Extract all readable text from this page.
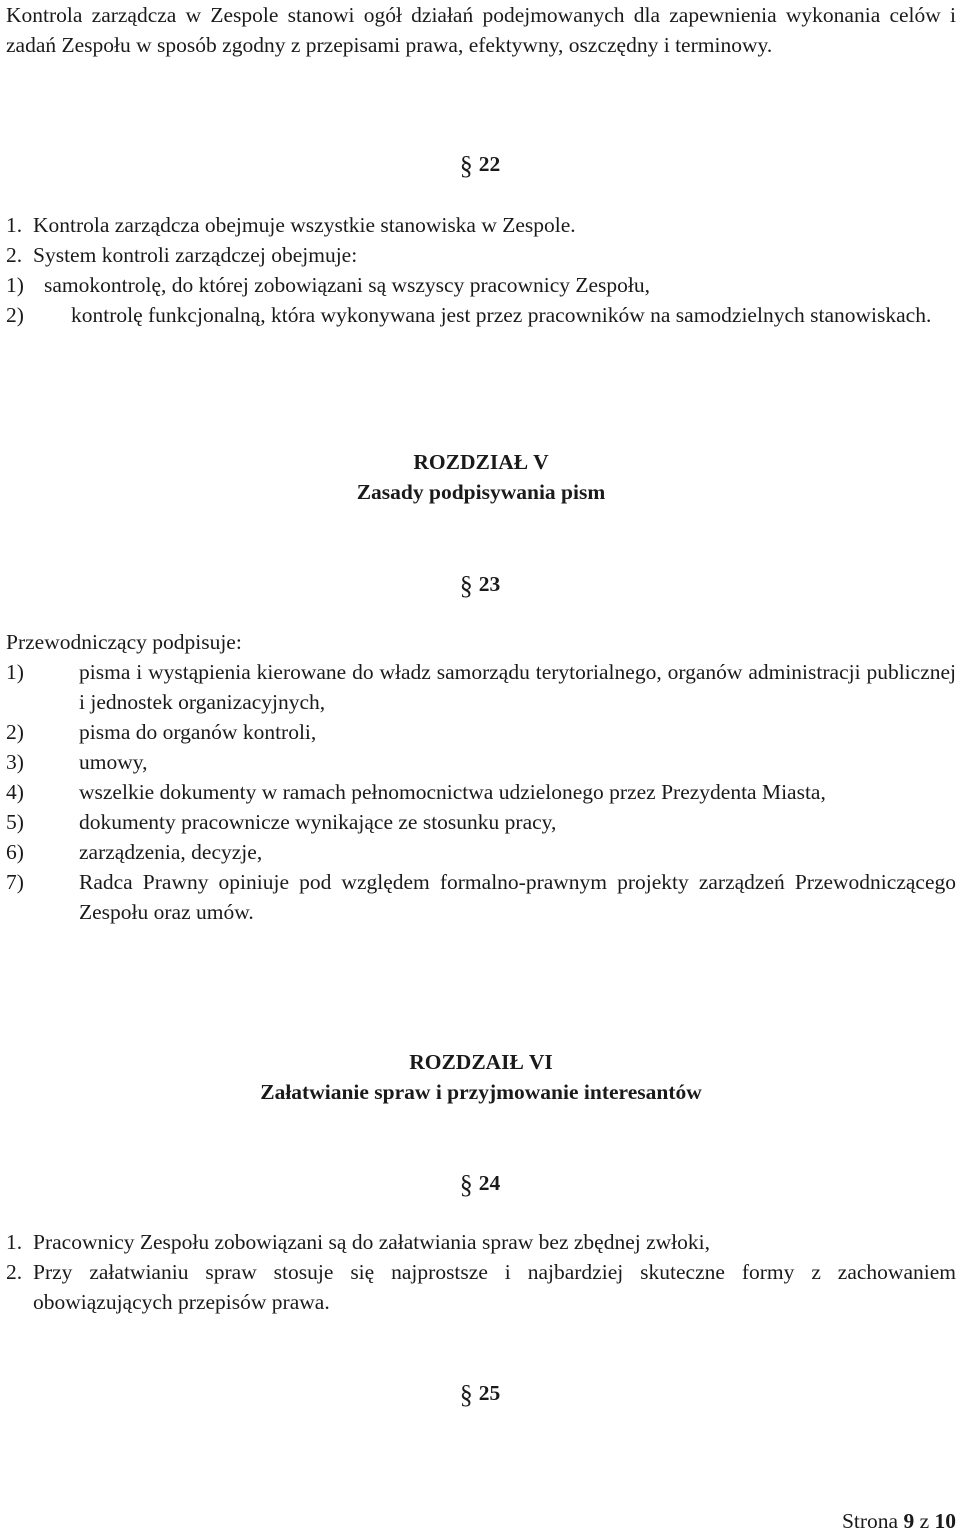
Kontrola zarządcza w Zespole stanowi ogół działań podejmowanych dla zapewnienia wykonania celów i zadań Zespołu w sposób zgodny z przepisami prawa, efektywny, oszczędny i terminowy.
§ 22
1. Kontrola zarządcza obejmuje wszystkie stanowiska w Zespole.
2. System kontroli zarządczej obejmuje:
1) samokontrolę, do której zobowiązani są wszyscy pracownicy Zespołu,
2)	kontrolę funkcjonalną, która wykonywana jest przez pracowników na samodzielnych stanowiskach.
ROZDZIAŁ V
Zasady podpisywania pism
§ 23
Przewodniczący podpisuje:
1)	pisma i wystąpienia kierowane do władz samorządu terytorialnego, organów administracji publicznej i jednostek organizacyjnych,
2)	pisma do organów kontroli,
3)	umowy,
4)	wszelkie dokumenty w ramach pełnomocnictwa udzielonego przez Prezydenta Miasta,
5)	dokumenty pracownicze wynikające ze stosunku pracy,
6)	zarządzenia, decyzje,
7)	Radca Prawny opiniuje pod względem formalno-prawnym projekty zarządzeń Przewodniczącego Zespołu oraz umów.
ROZDZAIŁ VI
Załatwianie spraw i przyjmowanie interesantów
§ 24
1. Pracownicy Zespołu zobowiązani są do załatwiania spraw bez zbędnej zwłoki,
2. Przy załatwianiu spraw stosuje się najprostsze i najbardziej skuteczne formy z zachowaniem obowiązujących przepisów prawa.
§ 25
Strona 9 z 10
